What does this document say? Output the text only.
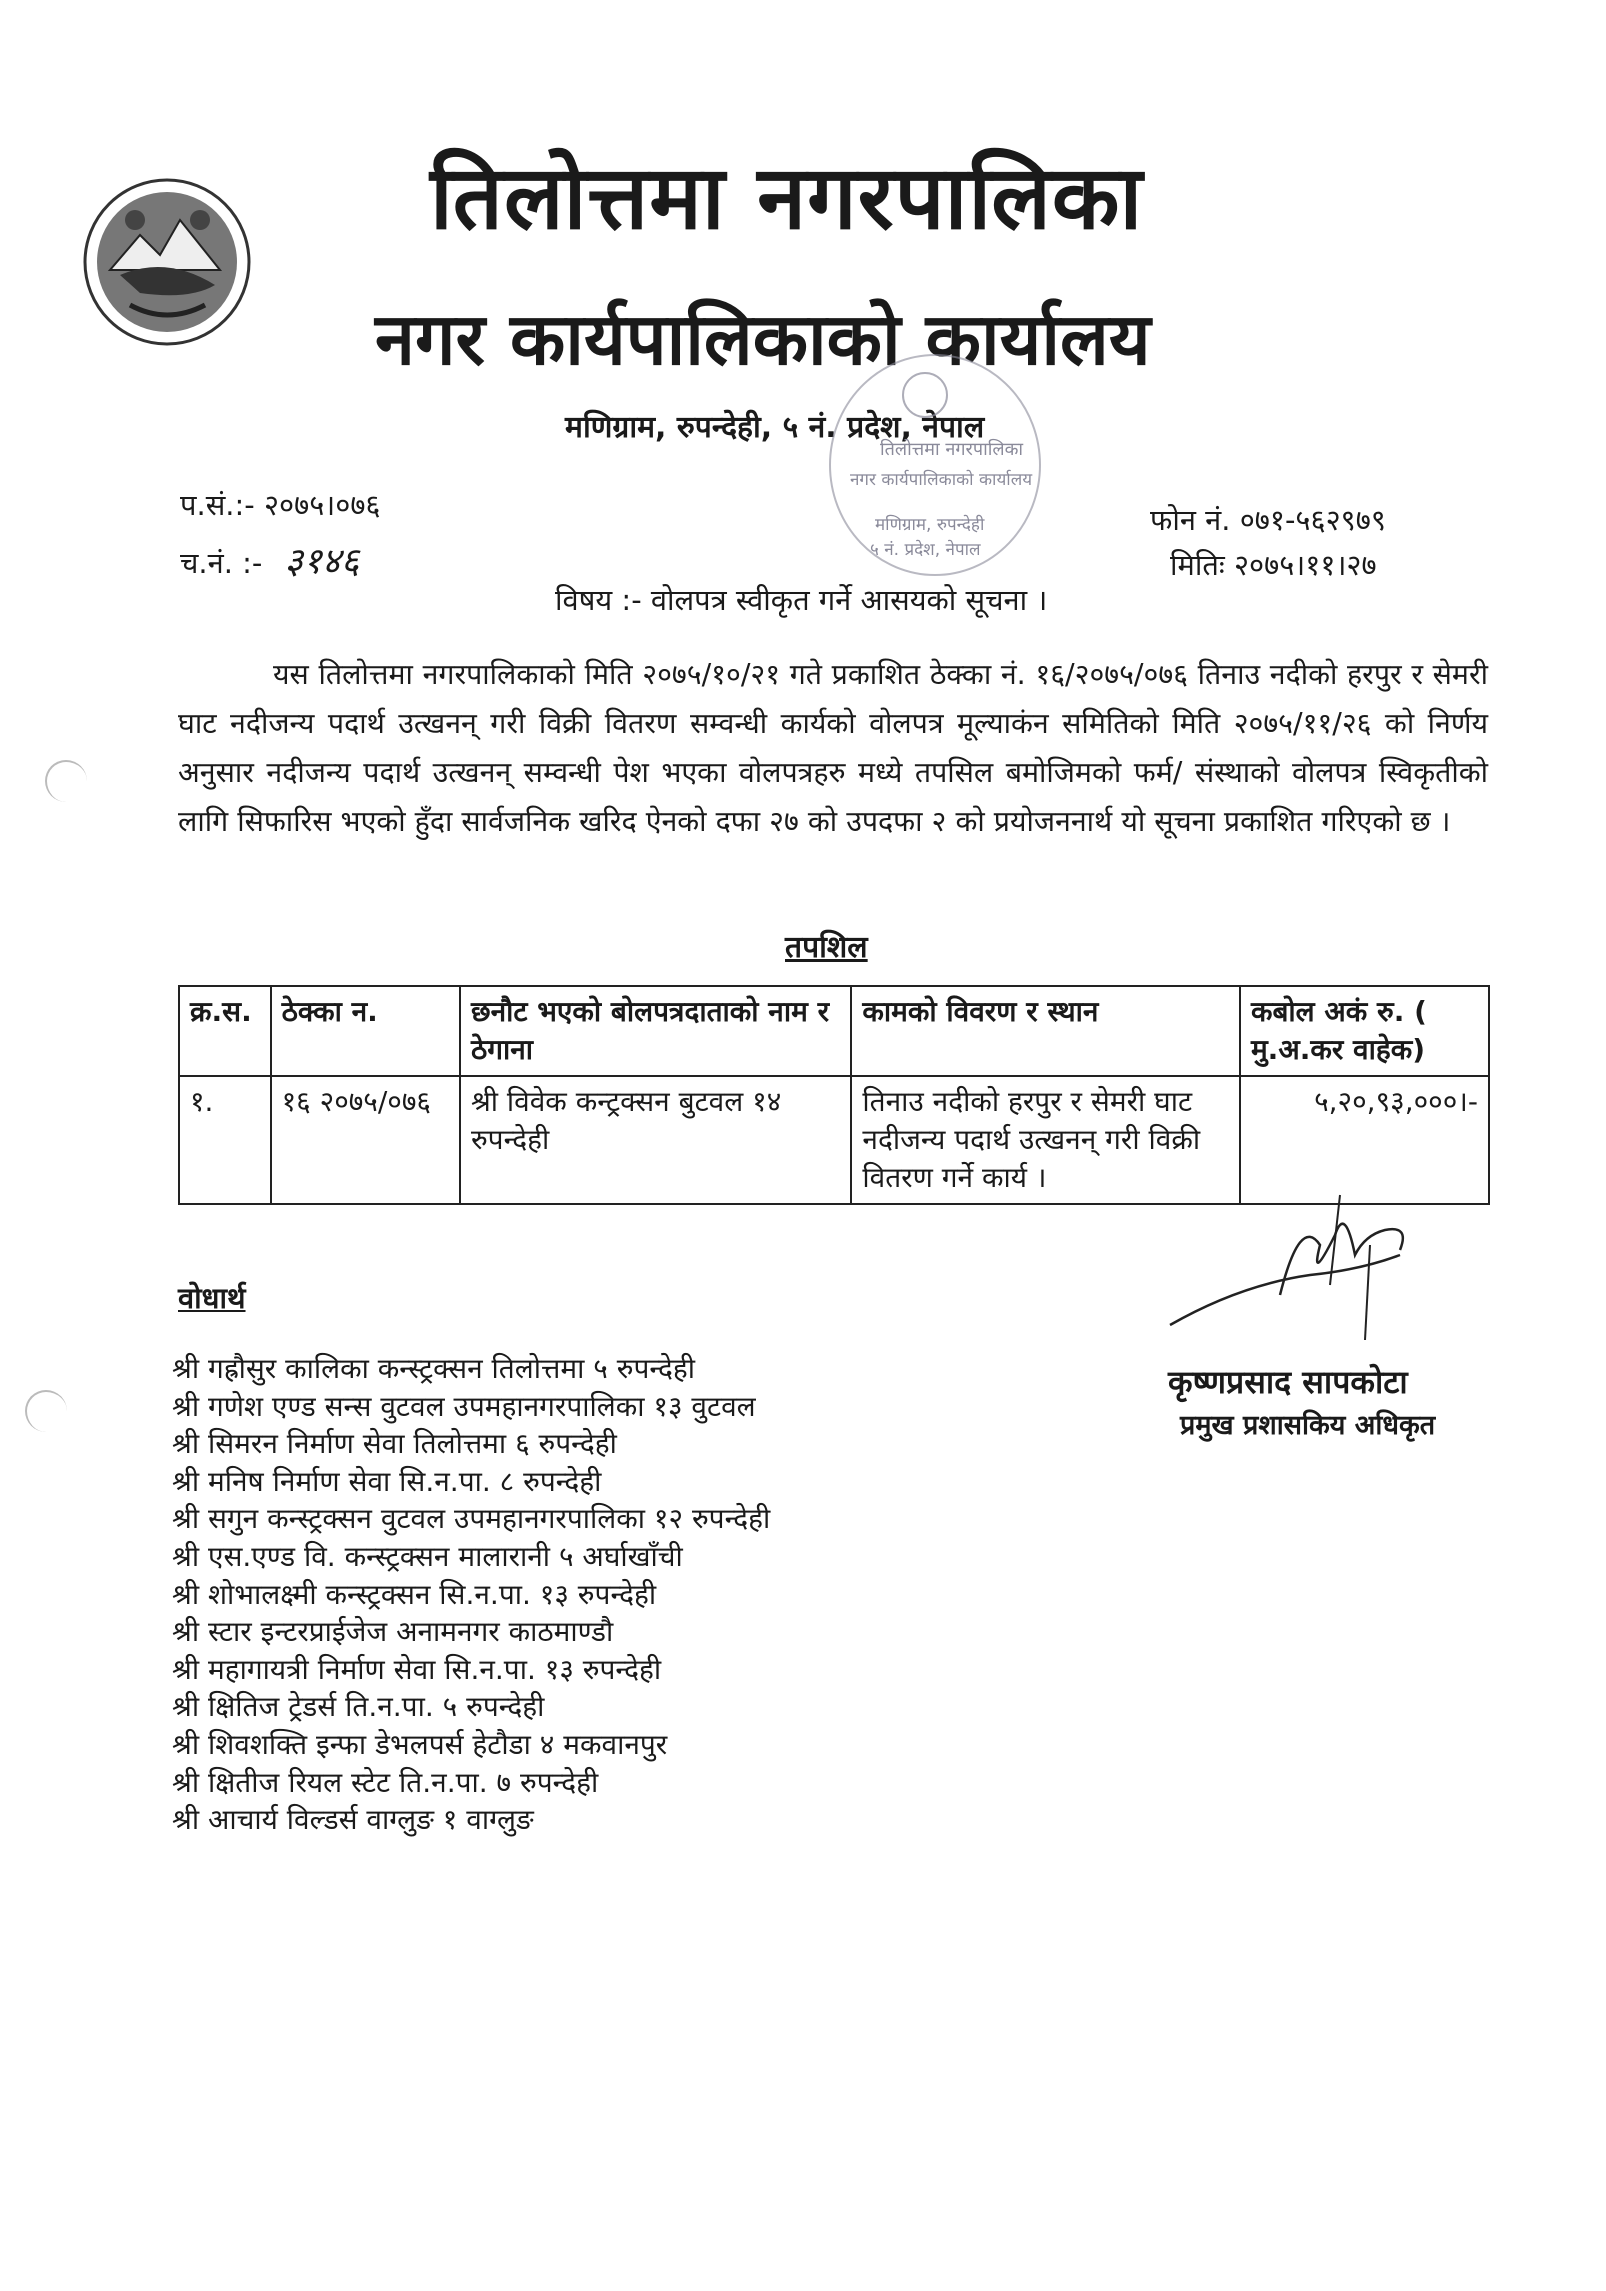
तिलोत्तमा नगरपालिका
नगर कार्यपालिकाको कार्यालय
मणिग्राम, रुपन्देही, ५ नं. प्रदेश, नेपाल
तिलोत्तमा नगरपालिका
नगर कार्यपालिकाको कार्यालय
मणिग्राम, रुपन्देही
५ नं. प्रदेश, नेपाल
प.सं.:- २०७५।०७६
च.नं. :- ३१४६
फोन नं. ०७१-५६२९७९
मितिः २०७५।११।२७
विषय :- वोलपत्र स्वीकृत गर्ने आसयको सूचना ।
यस तिलोत्तमा नगरपालिकाको मिति २०७५/१०/२१ गते प्रकाशित ठेक्का नं. १६/२०७५/०७६ तिनाउ नदीको हरपुर र सेमरी घाट नदीजन्य पदार्थ उत्खनन् गरी विक्री वितरण सम्वन्धी कार्यको वोलपत्र मूल्याकंन समितिको मिति २०७५/११/२६ को निर्णय अनुसार नदीजन्य पदार्थ उत्खनन् सम्वन्धी पेश भएका वोलपत्रहरु मध्ये तपसिल बमोजिमको फर्म/ संस्थाको वोलपत्र स्विकृतीको लागि सिफारिस भएको हुँदा सार्वजनिक खरिद ऐनको दफा २७ को उपदफा २ को प्रयोजननार्थ यो सूचना प्रकाशित गरिएको छ ।
तपशिल
क्र.स.	ठेक्का न.	छनौट भएको बोलपत्रदाताको नाम र ठेगाना	कामको विवरण र स्थान	कबोल अकं रु. ( मु.अ.कर वाहेक)
१.	१६ २०७५/०७६	श्री विवेक कन्ट्रक्सन बुटवल १४ रुपन्देही	तिनाउ नदीको हरपुर र सेमरी घाट नदीजन्य पदार्थ उत्खनन् गरी विक्री वितरण गर्ने कार्य ।	५,२०,९३,०००।-
कृष्णप्रसाद सापकोटा
प्रमुख प्रशासकिय अधिकृत
वोधार्थ
श्री गह्रौसुर कालिका कन्स्ट्रक्सन तिलोत्तमा ५ रुपन्देही
श्री गणेश एण्ड सन्स वुटवल उपमहानगरपालिका १३ वुटवल
श्री सिमरन निर्माण सेवा तिलोत्तमा ६ रुपन्देही
श्री मनिष निर्माण सेवा सि.न.पा. ८ रुपन्देही
श्री सगुन कन्स्ट्रक्सन वुटवल उपमहानगरपालिका १२ रुपन्देही
श्री एस.एण्ड वि. कन्स्ट्रक्सन मालारानी ५ अर्घाखाँची
श्री शोभालक्ष्मी कन्स्ट्रक्सन सि.न.पा. १३ रुपन्देही
श्री स्टार इन्टरप्राईजेज अनामनगर काठमाण्डौ
श्री महागायत्री निर्माण सेवा सि.न.पा. १३ रुपन्देही
श्री क्षितिज ट्रेडर्स ति.न.पा. ५ रुपन्देही
श्री शिवशक्ति इन्फा डेभलपर्स हेटौडा ४ मकवानपुर
श्री क्षितीज रियल स्टेट ति.न.पा. ७ रुपन्देही
श्री आचार्य विल्डर्स वाग्लुङ १ वाग्लुङ
